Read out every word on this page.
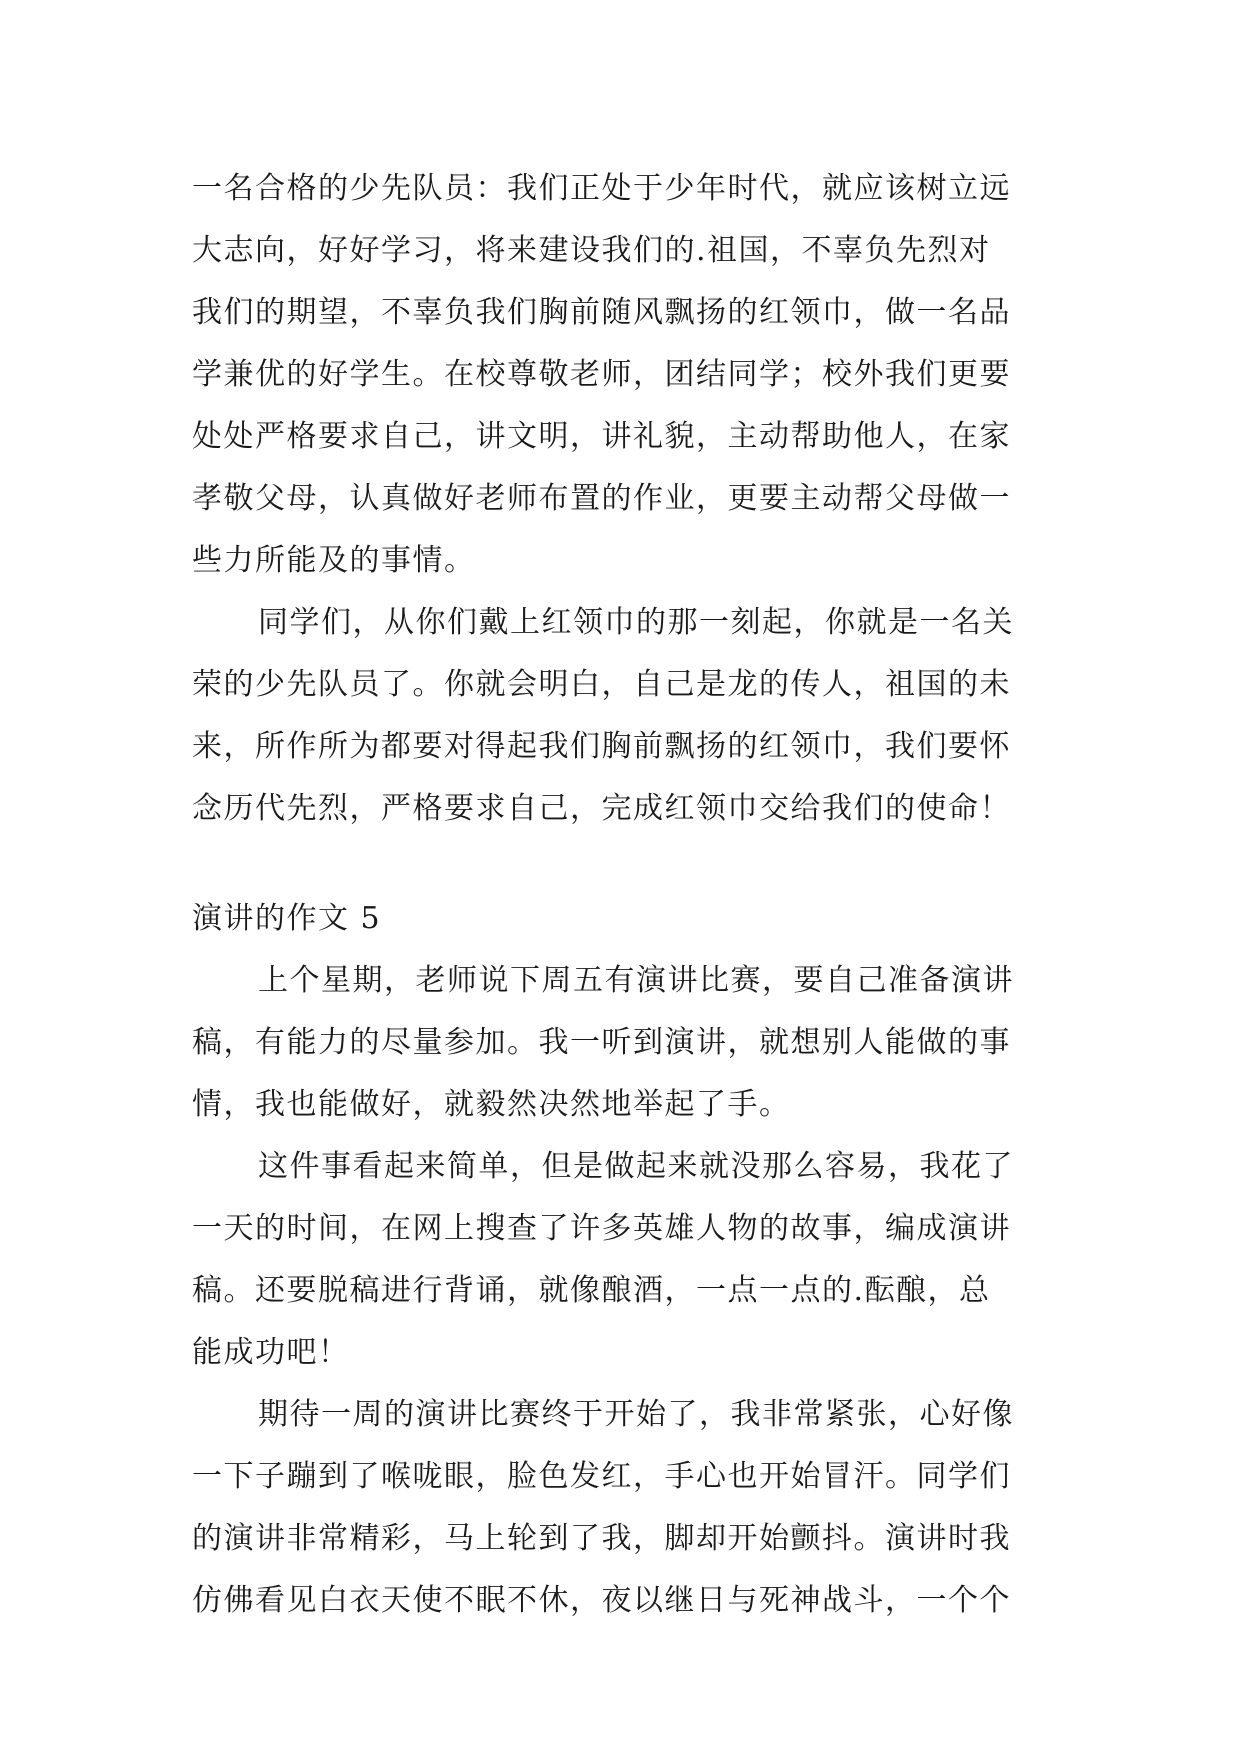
一名合格的少先队员：我们正处于少年时代，就应该树立远
大志向，好好学习，将来建设我们的.祖国，不辜负先烈对
我们的期望，不辜负我们胸前随风飘扬的红领巾，做一名品
学兼优的好学生。在校尊敬老师，团结同学；校外我们更要
处处严格要求自己，讲文明，讲礼貌，主动帮助他人，在家
孝敬父母，认真做好老师布置的作业，更要主动帮父母做一
些力所能及的事情。
同学们，从你们戴上红领巾的那一刻起，你就是一名关
荣的少先队员了。你就会明白，自己是龙的传人，祖国的未
来，所作所为都要对得起我们胸前飘扬的红领巾，我们要怀
念历代先烈，严格要求自己，完成红领巾交给我们的使命！
演讲的作文 5
上个星期，老师说下周五有演讲比赛，要自己准备演讲
稿，有能力的尽量参加。我一听到演讲，就想别人能做的事
情，我也能做好，就毅然决然地举起了手。
这件事看起来简单，但是做起来就没那么容易，我花了
一天的时间，在网上搜查了许多英雄人物的故事，编成演讲
稿。还要脱稿进行背诵，就像酿酒，一点一点的.酝酿，总
能成功吧！
期待一周的演讲比赛终于开始了，我非常紧张，心好像
一下子蹦到了喉咙眼，脸色发红，手心也开始冒汗。同学们
的演讲非常精彩，马上轮到了我，脚却开始颤抖。演讲时我
仿佛看见白衣天使不眠不休，夜以继日与死神战斗，一个个
